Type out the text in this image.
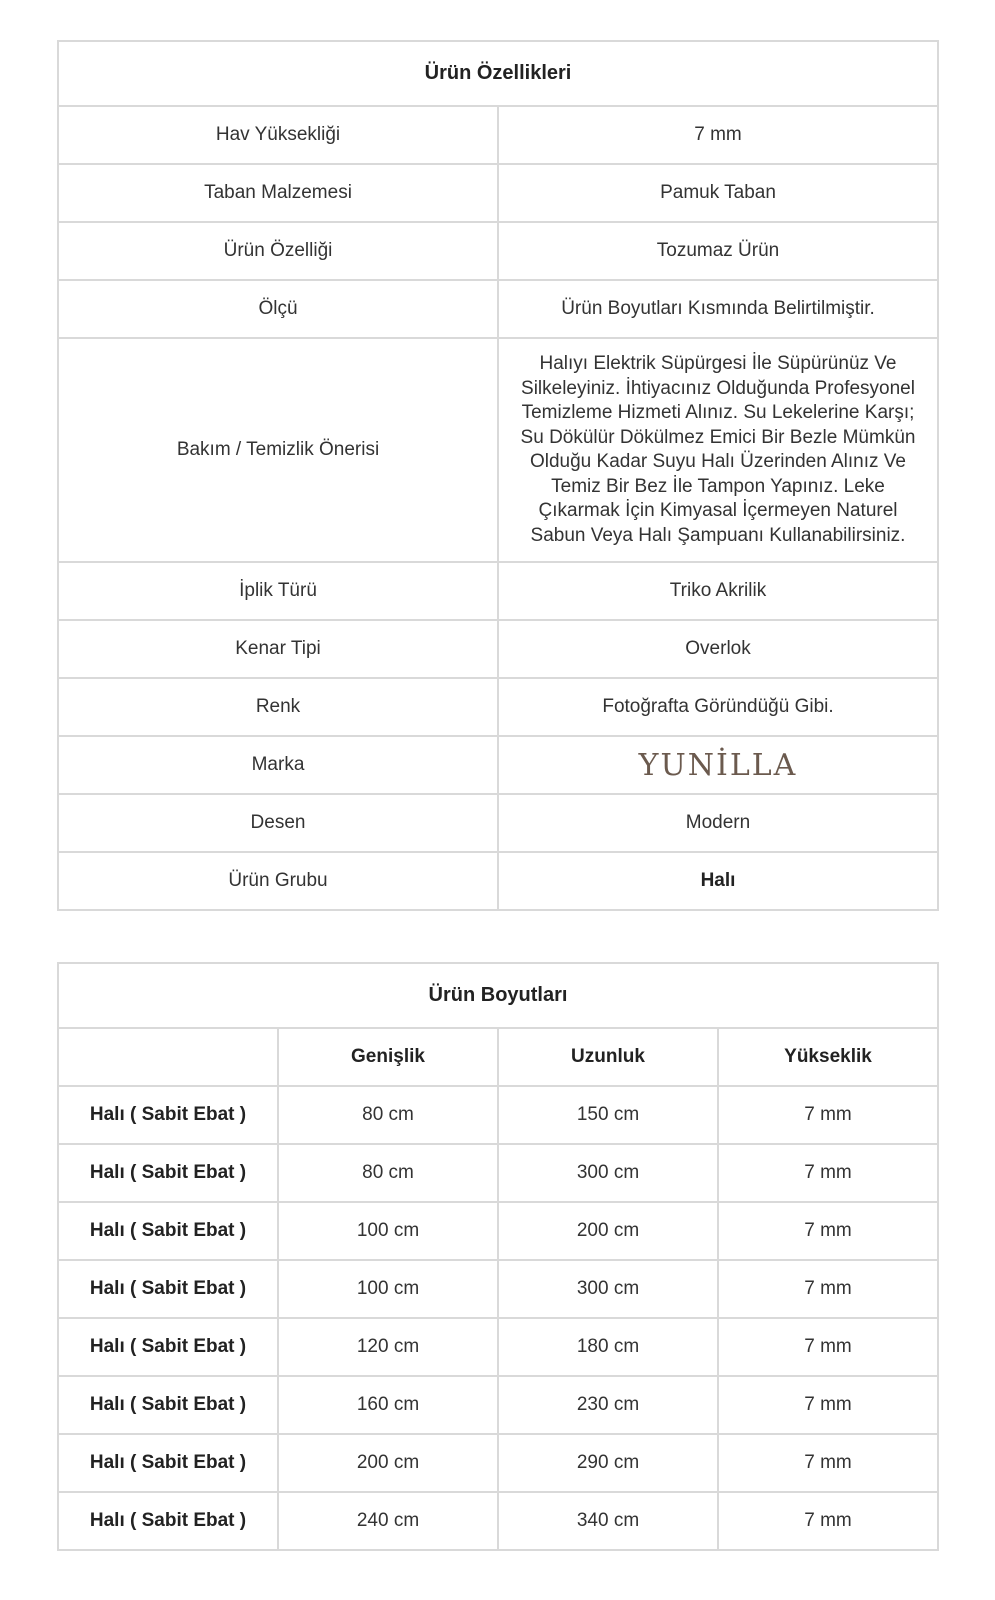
Ürün Özellikleri	
Hav Yüksekliği	7 mm
Taban Malzemesi	Pamuk Taban
Ürün Özelliği	Tozumaz Ürün
Ölçü	Ürün Boyutları Kısmında Belirtilmiştir.
Bakım / Temizlik Önerisi	Halıyı Elektrik Süpürgesi İle Süpürünüz Ve Silkeleyiniz. İhtiyacınız Olduğunda Profesyonel Temizleme Hizmeti Alınız. Su Lekelerine Karşı; Su Dökülür Dökülmez Emici Bir Bezle Mümkün Olduğu Kadar Suyu Halı Üzerinden Alınız Ve Temiz Bir Bez İle Tampon Yapınız. Leke Çıkarmak İçin Kimyasal İçermeyen Naturel Sabun Veya Halı Şampuanı Kullanabilirsiniz.
İplik Türü	Triko Akrilik
Kenar Tipi	Overlok
Renk	Fotoğrafta Göründüğü Gibi.
Marka	YUNİLLA
Desen	Modern
Ürün Grubu	Halı
Ürün Boyutları			
	Genişlik	Uzunluk	Yükseklik
Halı ( Sabit Ebat )	80 cm	150 cm	7 mm
Halı ( Sabit Ebat )	80 cm	300 cm	7 mm
Halı ( Sabit Ebat )	100 cm	200 cm	7 mm
Halı ( Sabit Ebat )	100 cm	300 cm	7 mm
Halı ( Sabit Ebat )	120 cm	180 cm	7 mm
Halı ( Sabit Ebat )	160 cm	230 cm	7 mm
Halı ( Sabit Ebat )	200 cm	290 cm	7 mm
Halı ( Sabit Ebat )	240 cm	340 cm	7 mm
